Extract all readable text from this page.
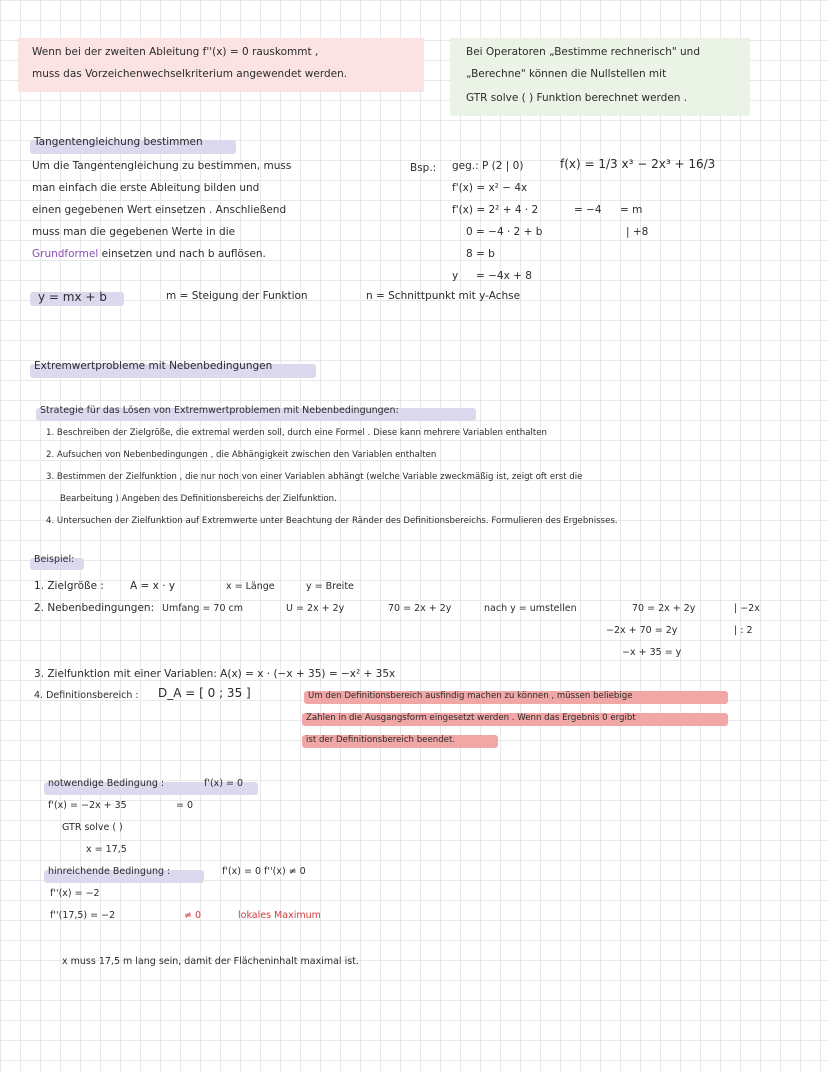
Wenn bei der zweiten Ableitung f''(x) = 0 rauskommt ,
muss das Vorzeichenwechselkriterium angewendet werden.
Bei Operatoren „Bestimme rechnerisch" und
„Berechne" können die Nullstellen mit
GTR solve ( ) Funktion berechnet werden .
Tangentengleichung bestimmen
Um die Tangentengleichung zu bestimmen, muss
man einfach die erste Ableitung bilden und
einen gegebenen Wert einsetzen . Anschließend
muss man die gegebenen Werte in die
Grundformel einsetzen und nach b auflösen.
y = mx + b	m = Steigung der Funktion	n = Schnittpunkt mit y-Achse
Bsp.: geg.: P (2 | 0)	f(x) = 1/3 x³ − 2x³ + 16/3
f'(x) = x² − 4x
f'(x) = 2² + 4 · 2	= −4 = m
0 = −4 · 2 + b	| +8
8 = b
y = −4x + 8
Extremwertprobleme mit Nebenbedingungen
Strategie für das Lösen von Extremwertproblemen mit Nebenbedingungen:
1. Beschreiben der Zielgröße, die extremal werden soll, durch eine Formel . Diese kann mehrere Variablen enthalten
2. Aufsuchen von Nebenbedingungen , die Abhängigkeit zwischen den Variablen enthalten
3. Bestimmen der Zielfunktion , die nur noch von einer Variablen abhängt (welche Variable zweckmäßig ist, zeigt oft erst die
Bearbeitung ) Angeben des Definitionsbereichs der Zielfunktion.
4. Untersuchen der Zielfunktion auf Extremwerte unter Beachtung der Ränder des Definitionsbereichs. Formulieren des Ergebnisses.
Beispiel:
1. Zielgröße : A = x · y	x = Länge	y = Breite
2. Nebenbedingungen: Umfang = 70 cm	U = 2x + 2y	70 = 2x + 2y	nach y = umstellen	70 = 2x + 2y	| −2x
−2x + 70 = 2y	| : 2
−x + 35 = y
3. Zielfunktion mit einer Variablen: A(x) = x · (−x + 35) = −x² + 35x
4. Definitionsbereich : D_A = [ 0 ; 35 ]	Um den Definitionsbereich ausfindig machen zu können , müssen beliebige
Zahlen in die Ausgangsform eingesetzt werden . Wenn das Ergebnis 0 ergibt
ist der Definitionsbereich beendet.
notwendige Bedingung :	f'(x) = 0
f'(x) = −2x + 35	= 0
GTR solve ( )
x = 17,5
hinreichende Bedingung :	f'(x) = 0 f''(x) ≠ 0
f''(x) = −2
f''(17,5) = −2	≠ 0	lokales Maximum
x muss 17,5 m lang sein, damit der Flächeninhalt maximal ist.
